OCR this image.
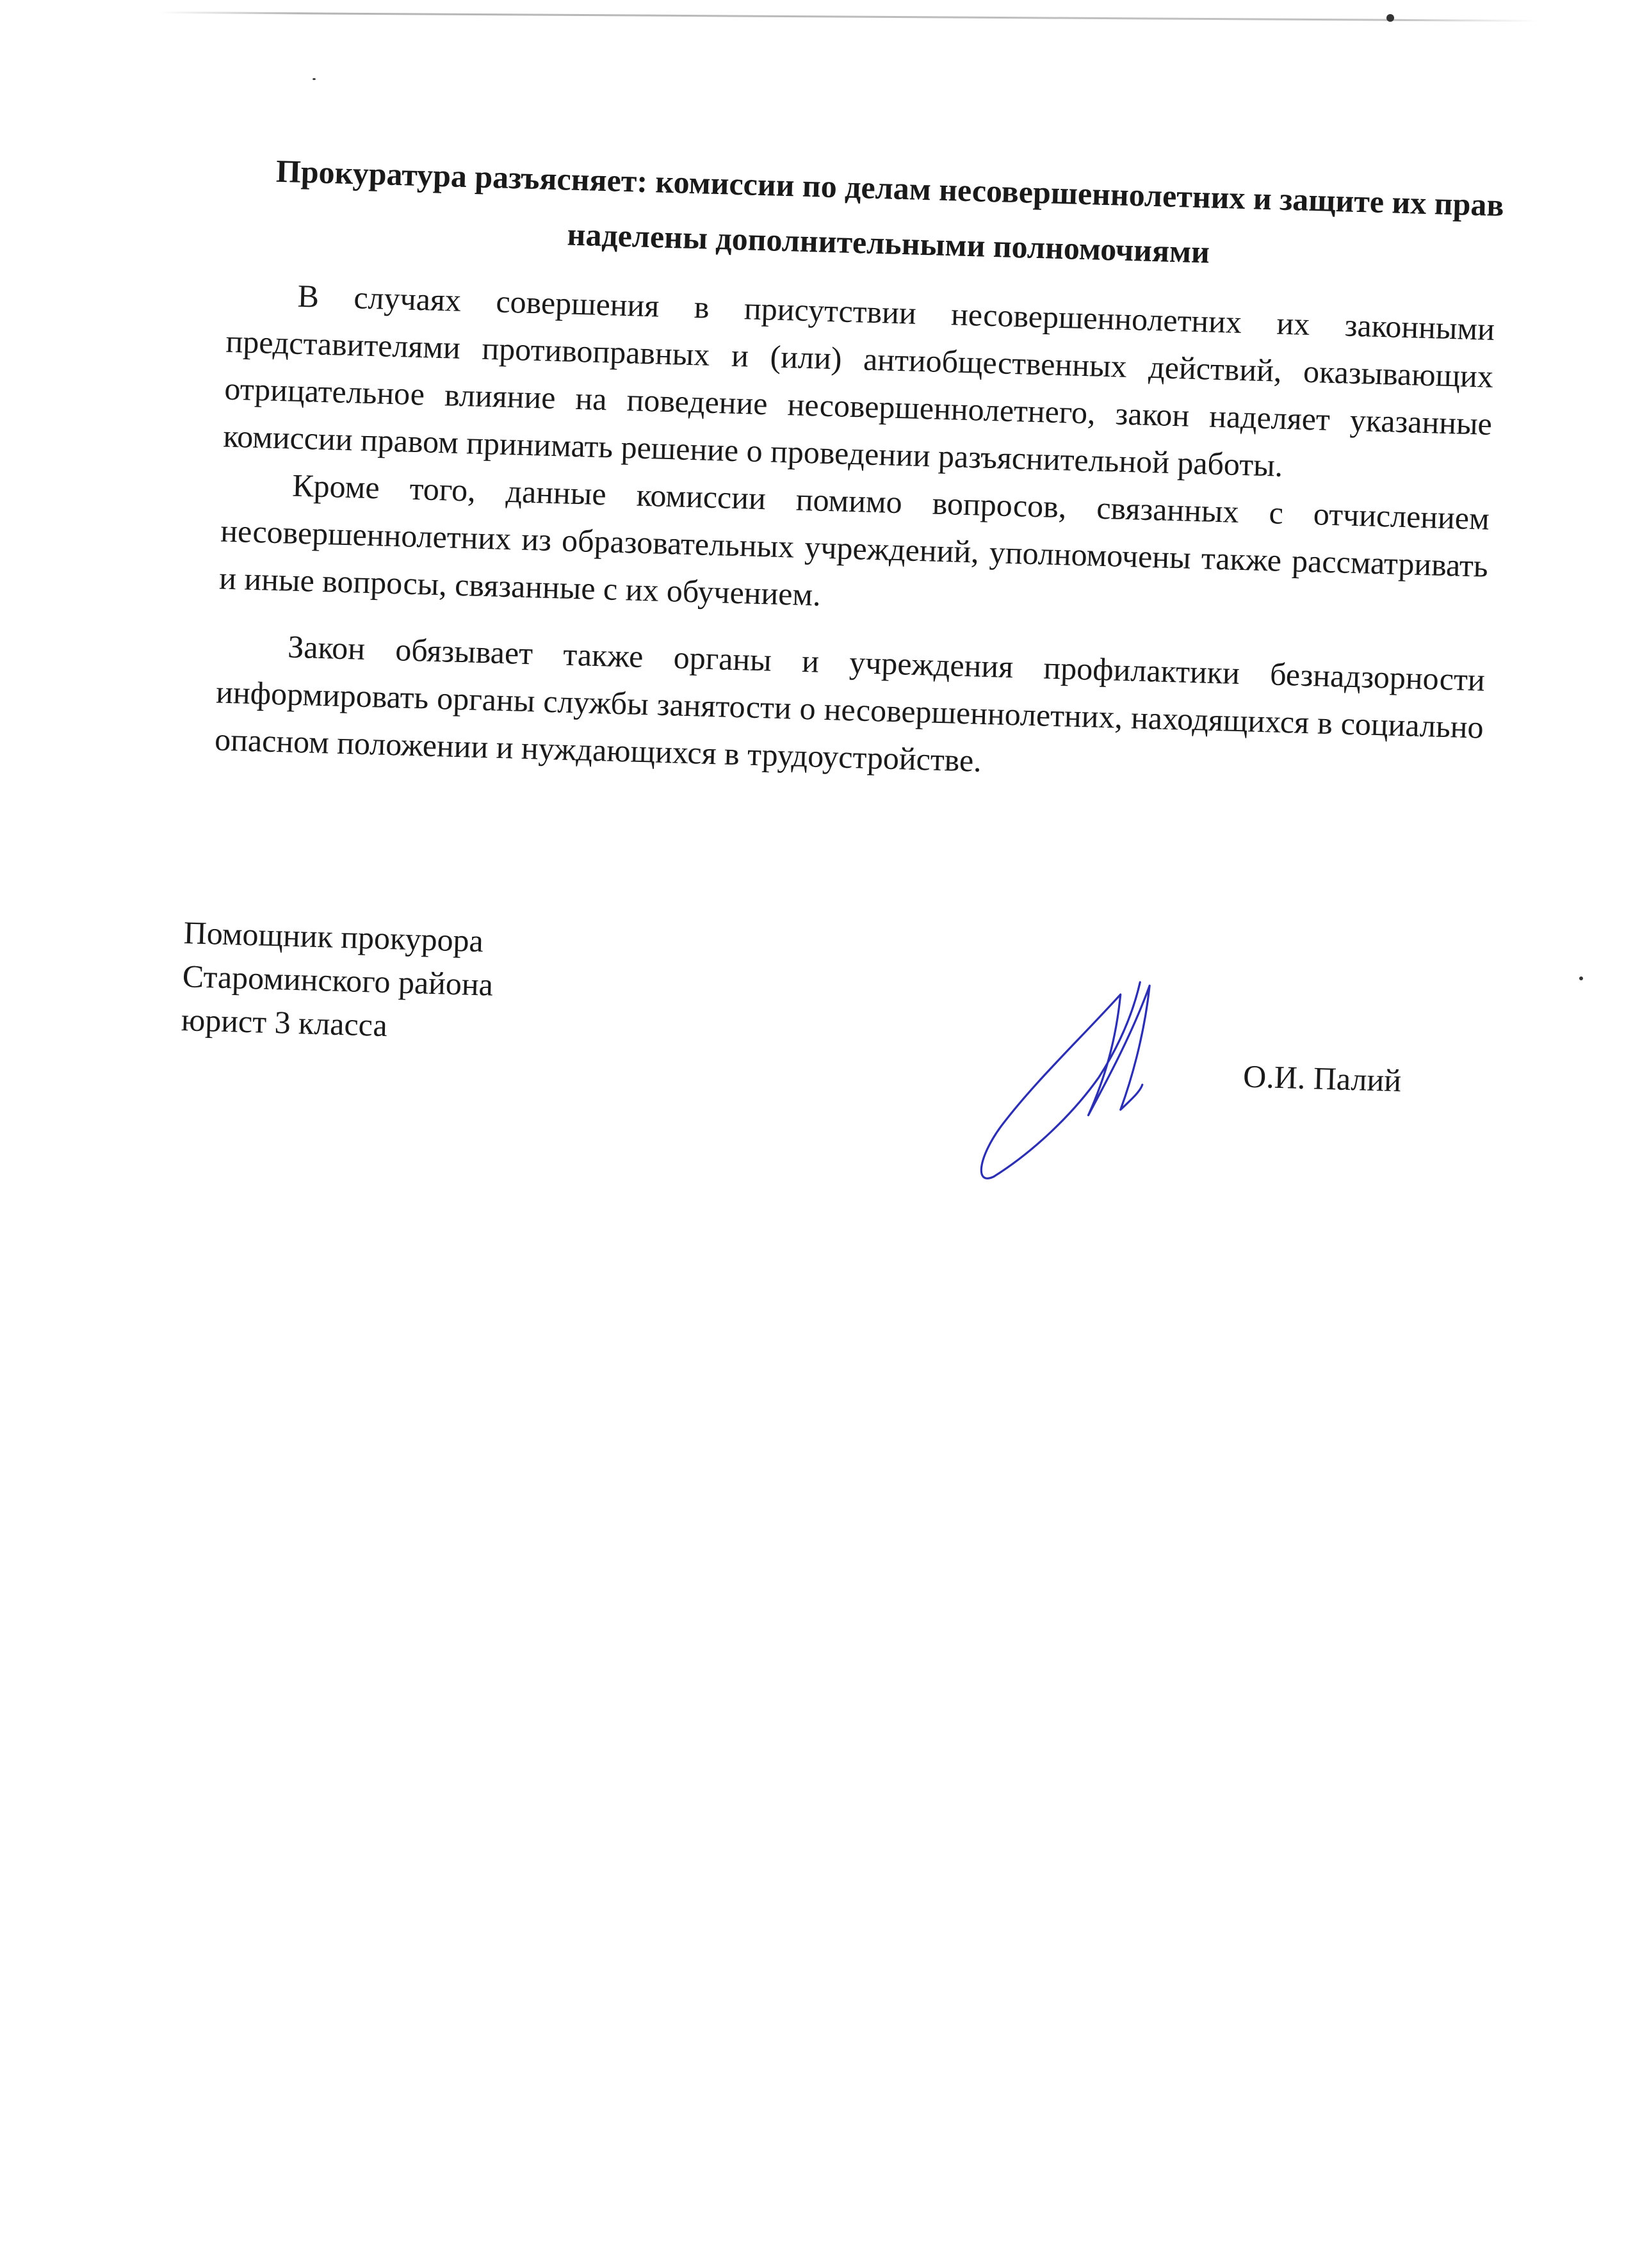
Прокуратура разъясняет: комиссии по делам несовершеннолетних и защите их прав наделены дополнительными полномочиями

В случаях совершения в присутствии несовершеннолетних их законными представителями противоправных и (или) антиобщественных действий, оказывающих отрицательное влияние на поведение несовершеннолетнего, закон наделяет указанные комиссии правом принимать решение о проведении разъяснительной работы.

Кроме того, данные комиссии помимо вопросов, связанных с отчислением несовершеннолетних из образовательных учреждений, уполномочены также рассматривать и иные вопросы, связанные с их обучением.

Закон обязывает также органы и учреждения профилактики безнадзорности информировать органы службы занятости о несовершеннолетних, находящихся в социально опасном положении и нуждающихся в трудоустройстве.

Помощник прокурора
Староминского района
юрист 3 класса
О.И. Палий
